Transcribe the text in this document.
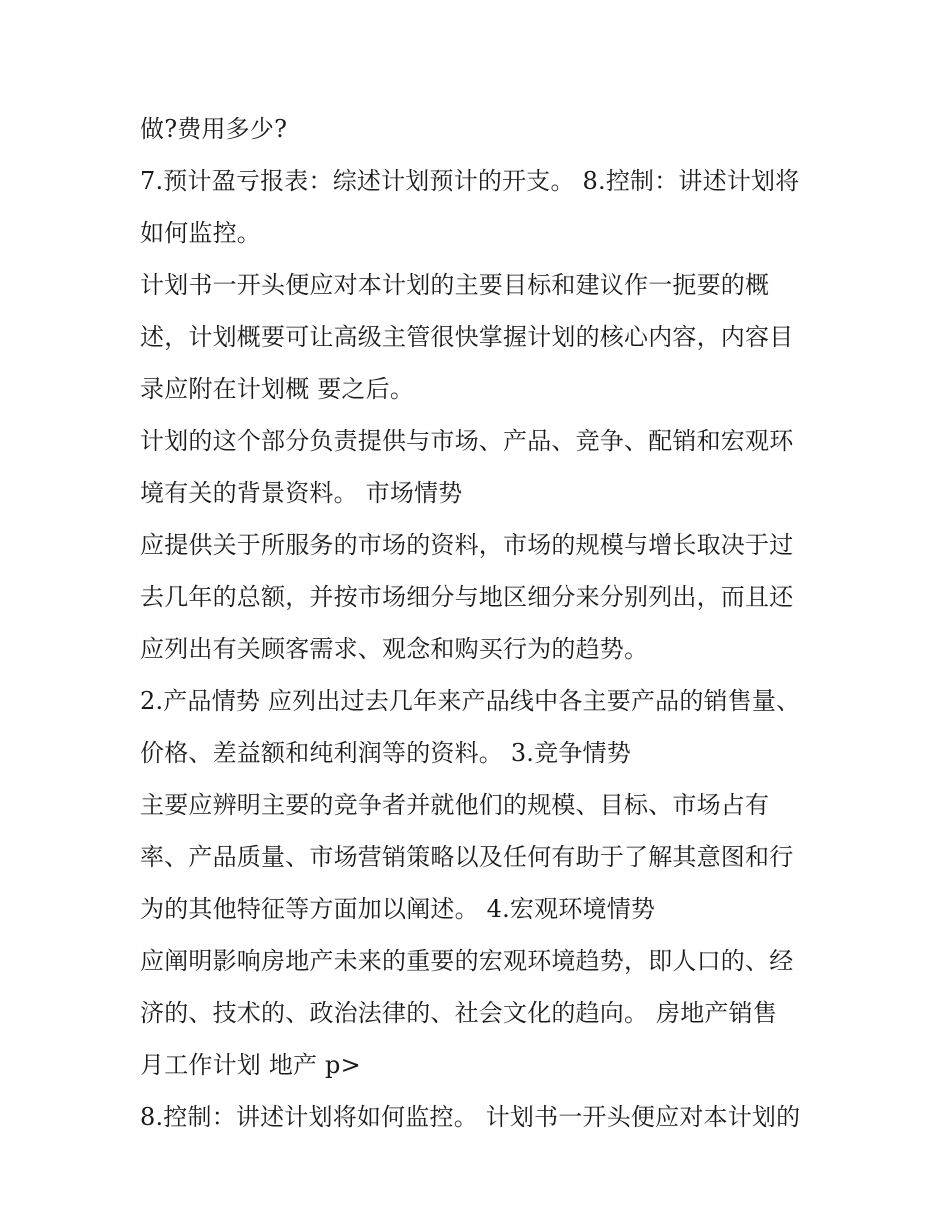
做?费用多少?
7.预计盈亏报表：综述计划预计的开支。 8.控制：讲述计划将
如何监控。
计划书一开头便应对本计划的主要目标和建议作一扼要的概
述，计划概要可让高级主管很快掌握计划的核心内容，内容目
录应附在计划概 要之后。
计划的这个部分负责提供与市场、产品、竞争、配销和宏观环
境有关的背景资料。 市场情势
应提供关于所服务的市场的资料，市场的规模与增长取决于过
去几年的总额，并按市场细分与地区细分来分别列出，而且还
应列出有关顾客需求、观念和购买行为的趋势。
2.产品情势 应列出过去几年来产品线中各主要产品的销售量、
价格、差益额和纯利润等的资料。 3.竞争情势
主要应辨明主要的竞争者并就他们的规模、目标、市场占有
率、产品质量、市场营销策略以及任何有助于了解其意图和行
为的其他特征等方面加以阐述。 4.宏观环境情势
应阐明影响房地产未来的重要的宏观环境趋势，即人口的、经
济的、技术的、政治法律的、社会文化的趋向。 房地产销售
月工作计划 地产 p>
8.控制：讲述计划将如何监控。 计划书一开头便应对本计划的
